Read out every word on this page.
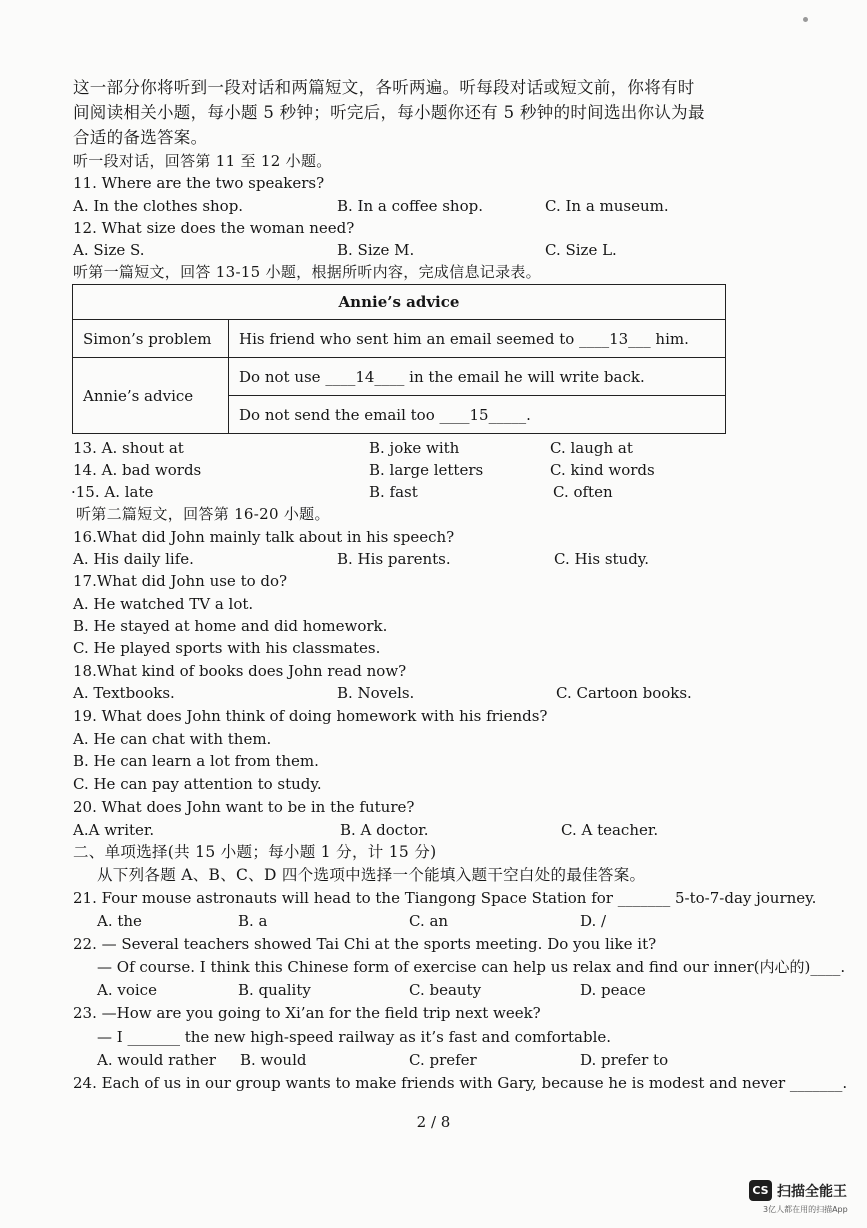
这一部分你将听到一段对话和两篇短文，各听两遍。听每段对话或短文前，你将有时
间阅读相关小题，每小题 5 秒钟；听完后，每小题你还有 5 秒钟的时间选出你认为最
合适的备选答案。
听一段对话，回答第 11 至 12 小题。
11. Where are the two speakers?
A. In the clothes shop.	B. In a coffee shop.	C. In a museum.
12. What size does the woman need?
A. Size S.	B. Size M.	C. Size L.
听第一篇短文，回答 13-15 小题，根据所听内容，完成信息记录表。
Annie’s advice	
Simon’s problem	His friend who sent him an email seemed to ____13___ him.
Annie’s advice	Do not use ____14____ in the email he will write back.
	Do not send the email too ____15_____.
13. A. shout at	B. joke with	C. laugh at
14. A. bad words	B. large letters	C. kind words
·15. A. late	B. fast	C. often
听第二篇短文，回答第 16-20 小题。
16.What did John mainly talk about in his speech?
A. His daily life.	B. His parents.	C. His study.
17.What did John use to do?
A. He watched TV a lot.
B. He stayed at home and did homework.
C. He played sports with his classmates.
18.What kind of books does John read now?
A. Textbooks.	B. Novels.	C. Cartoon books.
19. What does John think of doing homework with his friends?
A. He can chat with them.
B. He can learn a lot from them.
C. He can pay attention to study.
20. What does John want to be in the future?
A.A writer.	B. A doctor.	C. A teacher.
二、单项选择(共 15 小题；每小题 1 分，计 15 分)
从下列各题 A、B、C、D 四个选项中选择一个能填入题干空白处的最佳答案。
21. Four mouse astronauts will head to the Tiangong Space Station for _______ 5-to-7-day journey.
A. the	B. a	C. an	D. /
22. — Several teachers showed Tai Chi at the sports meeting. Do you like it?
— Of course. I think this Chinese form of exercise can help us relax and find our inner(内心的)____.
A. voice	B. quality	C. beauty	D. peace
23. —How are you going to Xi’an for the field trip next week?
— I _______ the new high-speed railway as it’s fast and comfortable.
A. would rather B. would	C. prefer	D. prefer to
24. Each of us in our group wants to make friends with Gary, because he is modest and never _______.
2 / 8
CS 扫描全能王
3亿人都在用的扫描App
